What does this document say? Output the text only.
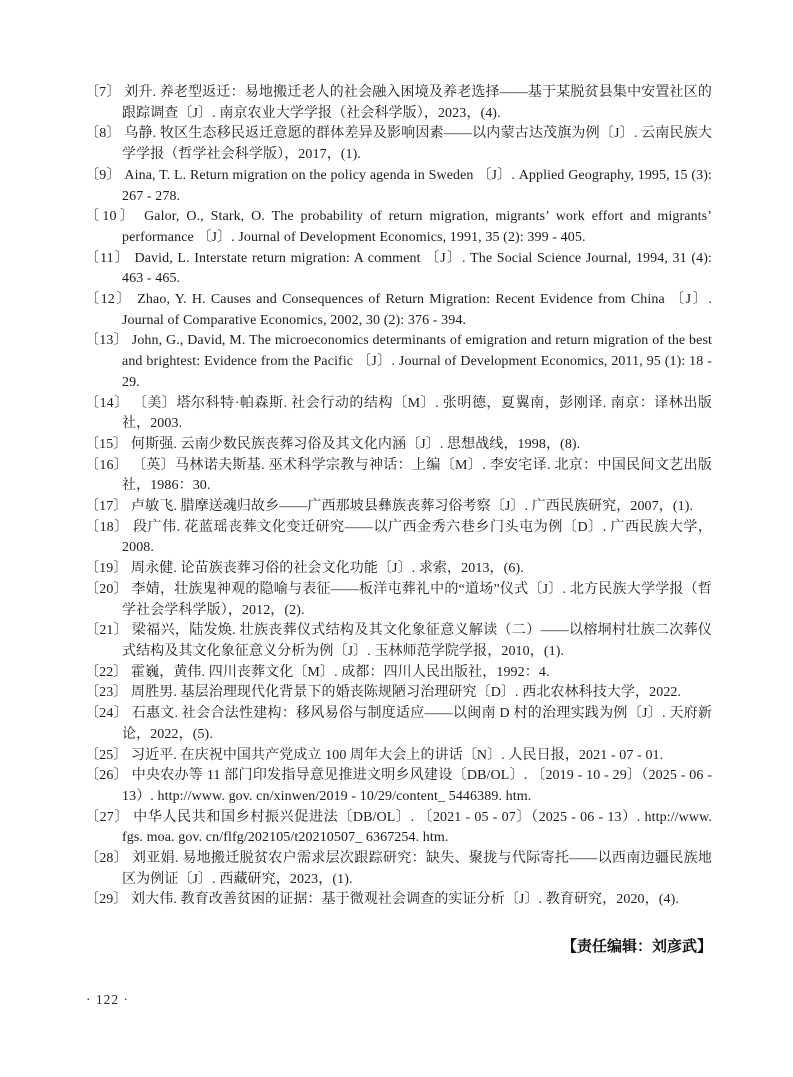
〔7〕 刘升. 养老型返迁：易地搬迁老人的社会融入困境及养老选择——基于某脱贫县集中安置社区的跟踪调查〔J〕. 南京农业大学学报（社会科学版），2023，(4).
〔8〕 乌静. 牧区生态移民返迁意愿的群体差异及影响因素——以内蒙古达茂旗为例〔J〕. 云南民族大学学报（哲学社会科学版），2017，(1).
〔9〕 Aina, T. L. Return migration on the policy agenda in Sweden 〔J〕. Applied Geography, 1995, 15 (3): 267 - 278.
〔10〕 Galor, O., Stark, O. The probability of return migration, migrants’ work effort and migrants’ performance 〔J〕. Journal of Development Economics, 1991, 35 (2): 399 - 405.
〔11〕 David, L. Interstate return migration: A comment 〔J〕. The Social Science Journal, 1994, 31 (4): 463 - 465.
〔12〕 Zhao, Y. H. Causes and Consequences of Return Migration: Recent Evidence from China 〔J〕. Journal of Comparative Economics, 2002, 30 (2): 376 - 394.
〔13〕 John, G., David, M. The microeconomics determinants of emigration and return migration of the best and brightest: Evidence from the Pacific 〔J〕. Journal of Development Economics, 2011, 95 (1): 18 - 29.
〔14〕 〔美〕塔尔科特·帕森斯. 社会行动的结构〔M〕. 张明德，夏翼南，彭刚译. 南京：译林出版社，2003.
〔15〕 何斯强. 云南少数民族丧葬习俗及其文化内涵〔J〕. 思想战线，1998，(8).
〔16〕 〔英〕马林诺夫斯基. 巫术科学宗教与神话：上编〔M〕. 李安宅译. 北京：中国民间文艺出版社，1986：30.
〔17〕 卢敏飞. 腊摩送魂归故乡——广西那坡县彝族丧葬习俗考察〔J〕. 广西民族研究，2007，(1).
〔18〕 段广伟. 花蓝瑶丧葬文化变迁研究——以广西金秀六巷乡门头屯为例〔D〕. 广西民族大学，2008.
〔19〕 周永健. 论苗族丧葬习俗的社会文化功能〔J〕. 求索，2013，(6).
〔20〕 李婧，壮族鬼神观的隐喻与表征——板洋屯葬礼中的“道场”仪式〔J〕. 北方民族大学学报（哲学社会学科学版），2012，(2).
〔21〕 梁福兴，陆发焕. 壮族丧葬仪式结构及其文化象征意义解读（二）——以榕垌村壮族二次葬仪式结构及其文化象征意义分析为例〔J〕. 玉林师范学院学报，2010，(1).
〔22〕 霍巍，黄伟. 四川丧葬文化〔M〕. 成都：四川人民出版社，1992：4.
〔23〕 周胜男. 基层治理现代化背景下的婚丧陈规陋习治理研究〔D〕. 西北农林科技大学，2022.
〔24〕 石惠文. 社会合法性建构：移风易俗与制度适应——以闽南 D 村的治理实践为例〔J〕. 天府新论，2022，(5).
〔25〕 习近平. 在庆祝中国共产党成立 100 周年大会上的讲话〔N〕. 人民日报，2021 - 07 - 01.
〔26〕 中央农办等 11 部门印发指导意见推进文明乡风建设〔DB/OL〕. 〔2019 - 10 - 29〕（2025 - 06 - 13）. http://www. gov. cn/xinwen/2019 - 10/29/content_ 5446389. htm.
〔27〕 中华人民共和国乡村振兴促进法〔DB/OL〕. 〔2021 - 05 - 07〕（2025 - 06 - 13）. http://www. fgs. moa. gov. cn/flfg/202105/t20210507_ 6367254. htm.
〔28〕 刘亚娟. 易地搬迁脱贫农户需求层次跟踪研究：缺失、聚拢与代际寄托——以西南边疆民族地区为例证〔J〕. 西藏研究，2023，(1).
〔29〕 刘大伟. 教育改善贫困的证据：基于微观社会调查的实证分析〔J〕. 教育研究，2020，(4).
【责任编辑：刘彦武】
· 122 ·
